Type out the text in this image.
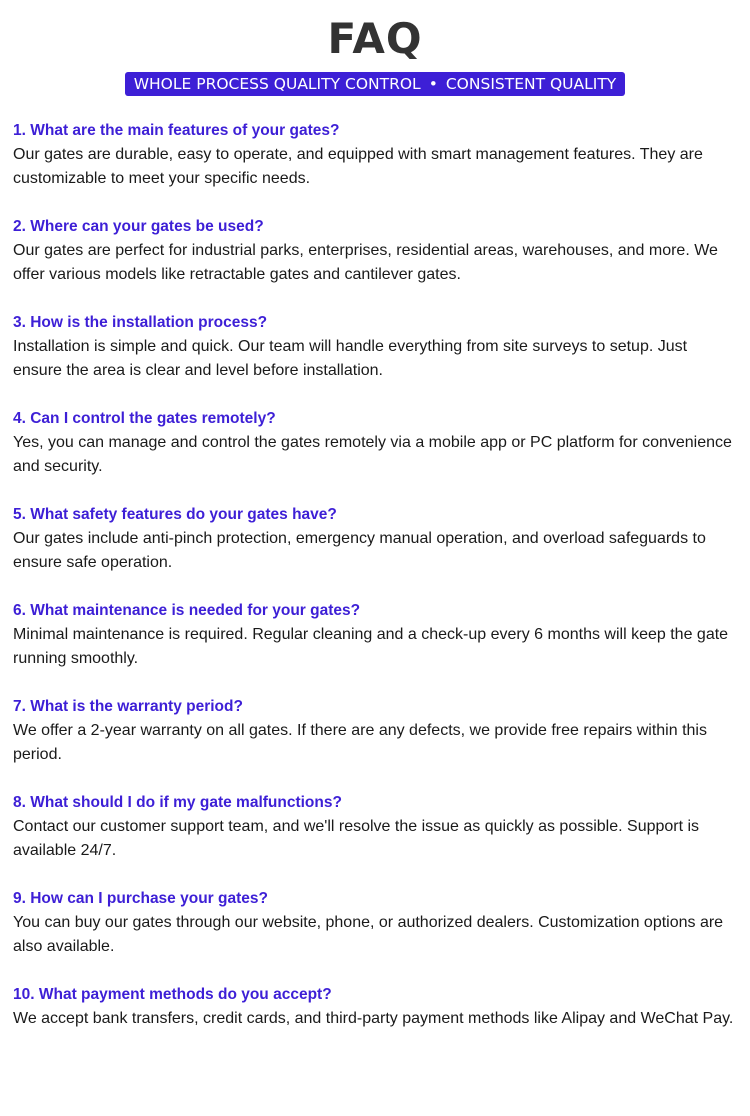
FAQ
WHOLE PROCESS QUALITY CONTROL • CONSISTENT QUALITY

1. What are the main features of your gates?

Our gates are durable, easy to operate, and equipped with smart management features. They are customizable to meet your specific needs.

2. Where can your gates be used?

Our gates are perfect for industrial parks, enterprises, residential areas, warehouses, and more. We offer various models like retractable gates and cantilever gates.

3. How is the installation process?

Installation is simple and quick. Our team will handle everything from site surveys to setup. Just ensure the area is clear and level before installation.

4. Can I control the gates remotely?

Yes, you can manage and control the gates remotely via a mobile app or PC platform for convenience and security.

5. What safety features do your gates have?

Our gates include anti-pinch protection, emergency manual operation, and overload safeguards to ensure safe operation.

6. What maintenance is needed for your gates?

Minimal maintenance is required. Regular cleaning and a check-up every 6 months will keep the gate running smoothly.

7. What is the warranty period?

We offer a 2-year warranty on all gates. If there are any defects, we provide free repairs within this period.

8. What should I do if my gate malfunctions?

Contact our customer support team, and we'll resolve the issue as quickly as possible. Support is available 24/7.

9. How can I purchase your gates?

You can buy our gates through our website, phone, or authorized dealers. Customization options are also available.

10. What payment methods do you accept?

We accept bank transfers, credit cards, and third-party payment methods like Alipay and WeChat Pay.
